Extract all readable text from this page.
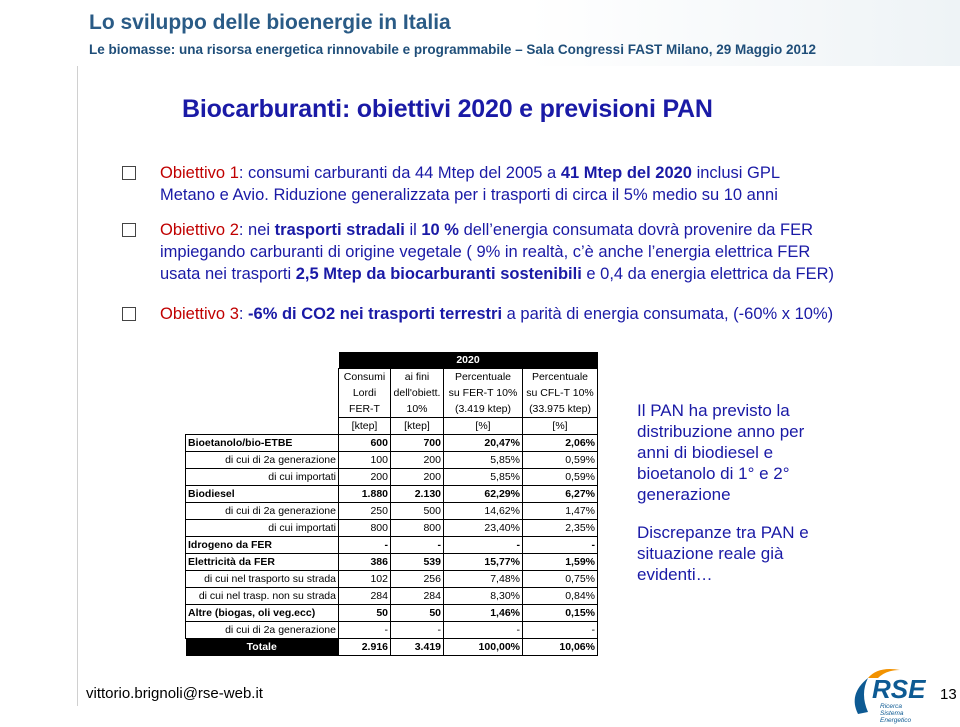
Lo sviluppo delle bioenergie in Italia
Le biomasse: una risorsa energetica rinnovabile e programmabile – Sala Congressi FAST Milano, 29 Maggio 2012
Biocarburanti: obiettivi 2020 e previsioni PAN
Obiettivo 1: consumi carburanti da 44 Mtep del 2005 a 41 Mtep del 2020 inclusi GPL
Metano e Avio. Riduzione generalizzata per i trasporti di circa il 5% medio su 10 anni
Obiettivo 2: nei trasporti stradali il 10 % dell’energia consumata dovrà provenire da FER
impiegando carburanti di origine vegetale ( 9% in realtà, c’è anche l’energia elettrica FER
usata nei trasporti 2,5 Mtep da biocarburanti sostenibili e 0,4 da energia elettrica da FER)
Obiettivo 3: -6% di CO2 nei trasporti terrestri a parità di energia consumata, (-60% x 10%)
	2020			
	Consumi	ai fini	Percentuale	Percentuale
	Lordi	dell'obiett.	su FER-T 10%	su CFL-T 10%
	FER-T	10%	(3.419 ktep)	(33.975 ktep)
	[ktep]	[ktep]	[%]	[%]
Bioetanolo/bio-ETBE	600	700	20,47%	2,06%
di cui di 2a generazione	100	200	5,85%	0,59%
di cui importati	200	200	5,85%	0,59%
Biodiesel	1.880	2.130	62,29%	6,27%
di cui di 2a generazione	250	500	14,62%	1,47%
di cui importati	800	800	23,40%	2,35%
Idrogeno da FER	-	-	-	-
Elettricità da FER	386	539	15,77%	1,59%
di cui nel trasporto su strada	102	256	7,48%	0,75%
di cui nel trasp. non su strada	284	284	8,30%	0,84%
Altre (biogas, oli veg.ecc)	50	50	1,46%	0,15%
di cui di 2a generazione	-	-	-	-
Totale	2.916	3.419	100,00%	10,06%
Il PAN ha previsto la
distribuzione anno per
anni di biodiesel e
bioetanolo di 1° e 2°
generazione
Discrepanze tra PAN e
situazione reale già
evidenti…
vittorio.brignoli@rse-web.it	RSE
Ricerca
Sistema
Energetico
13
